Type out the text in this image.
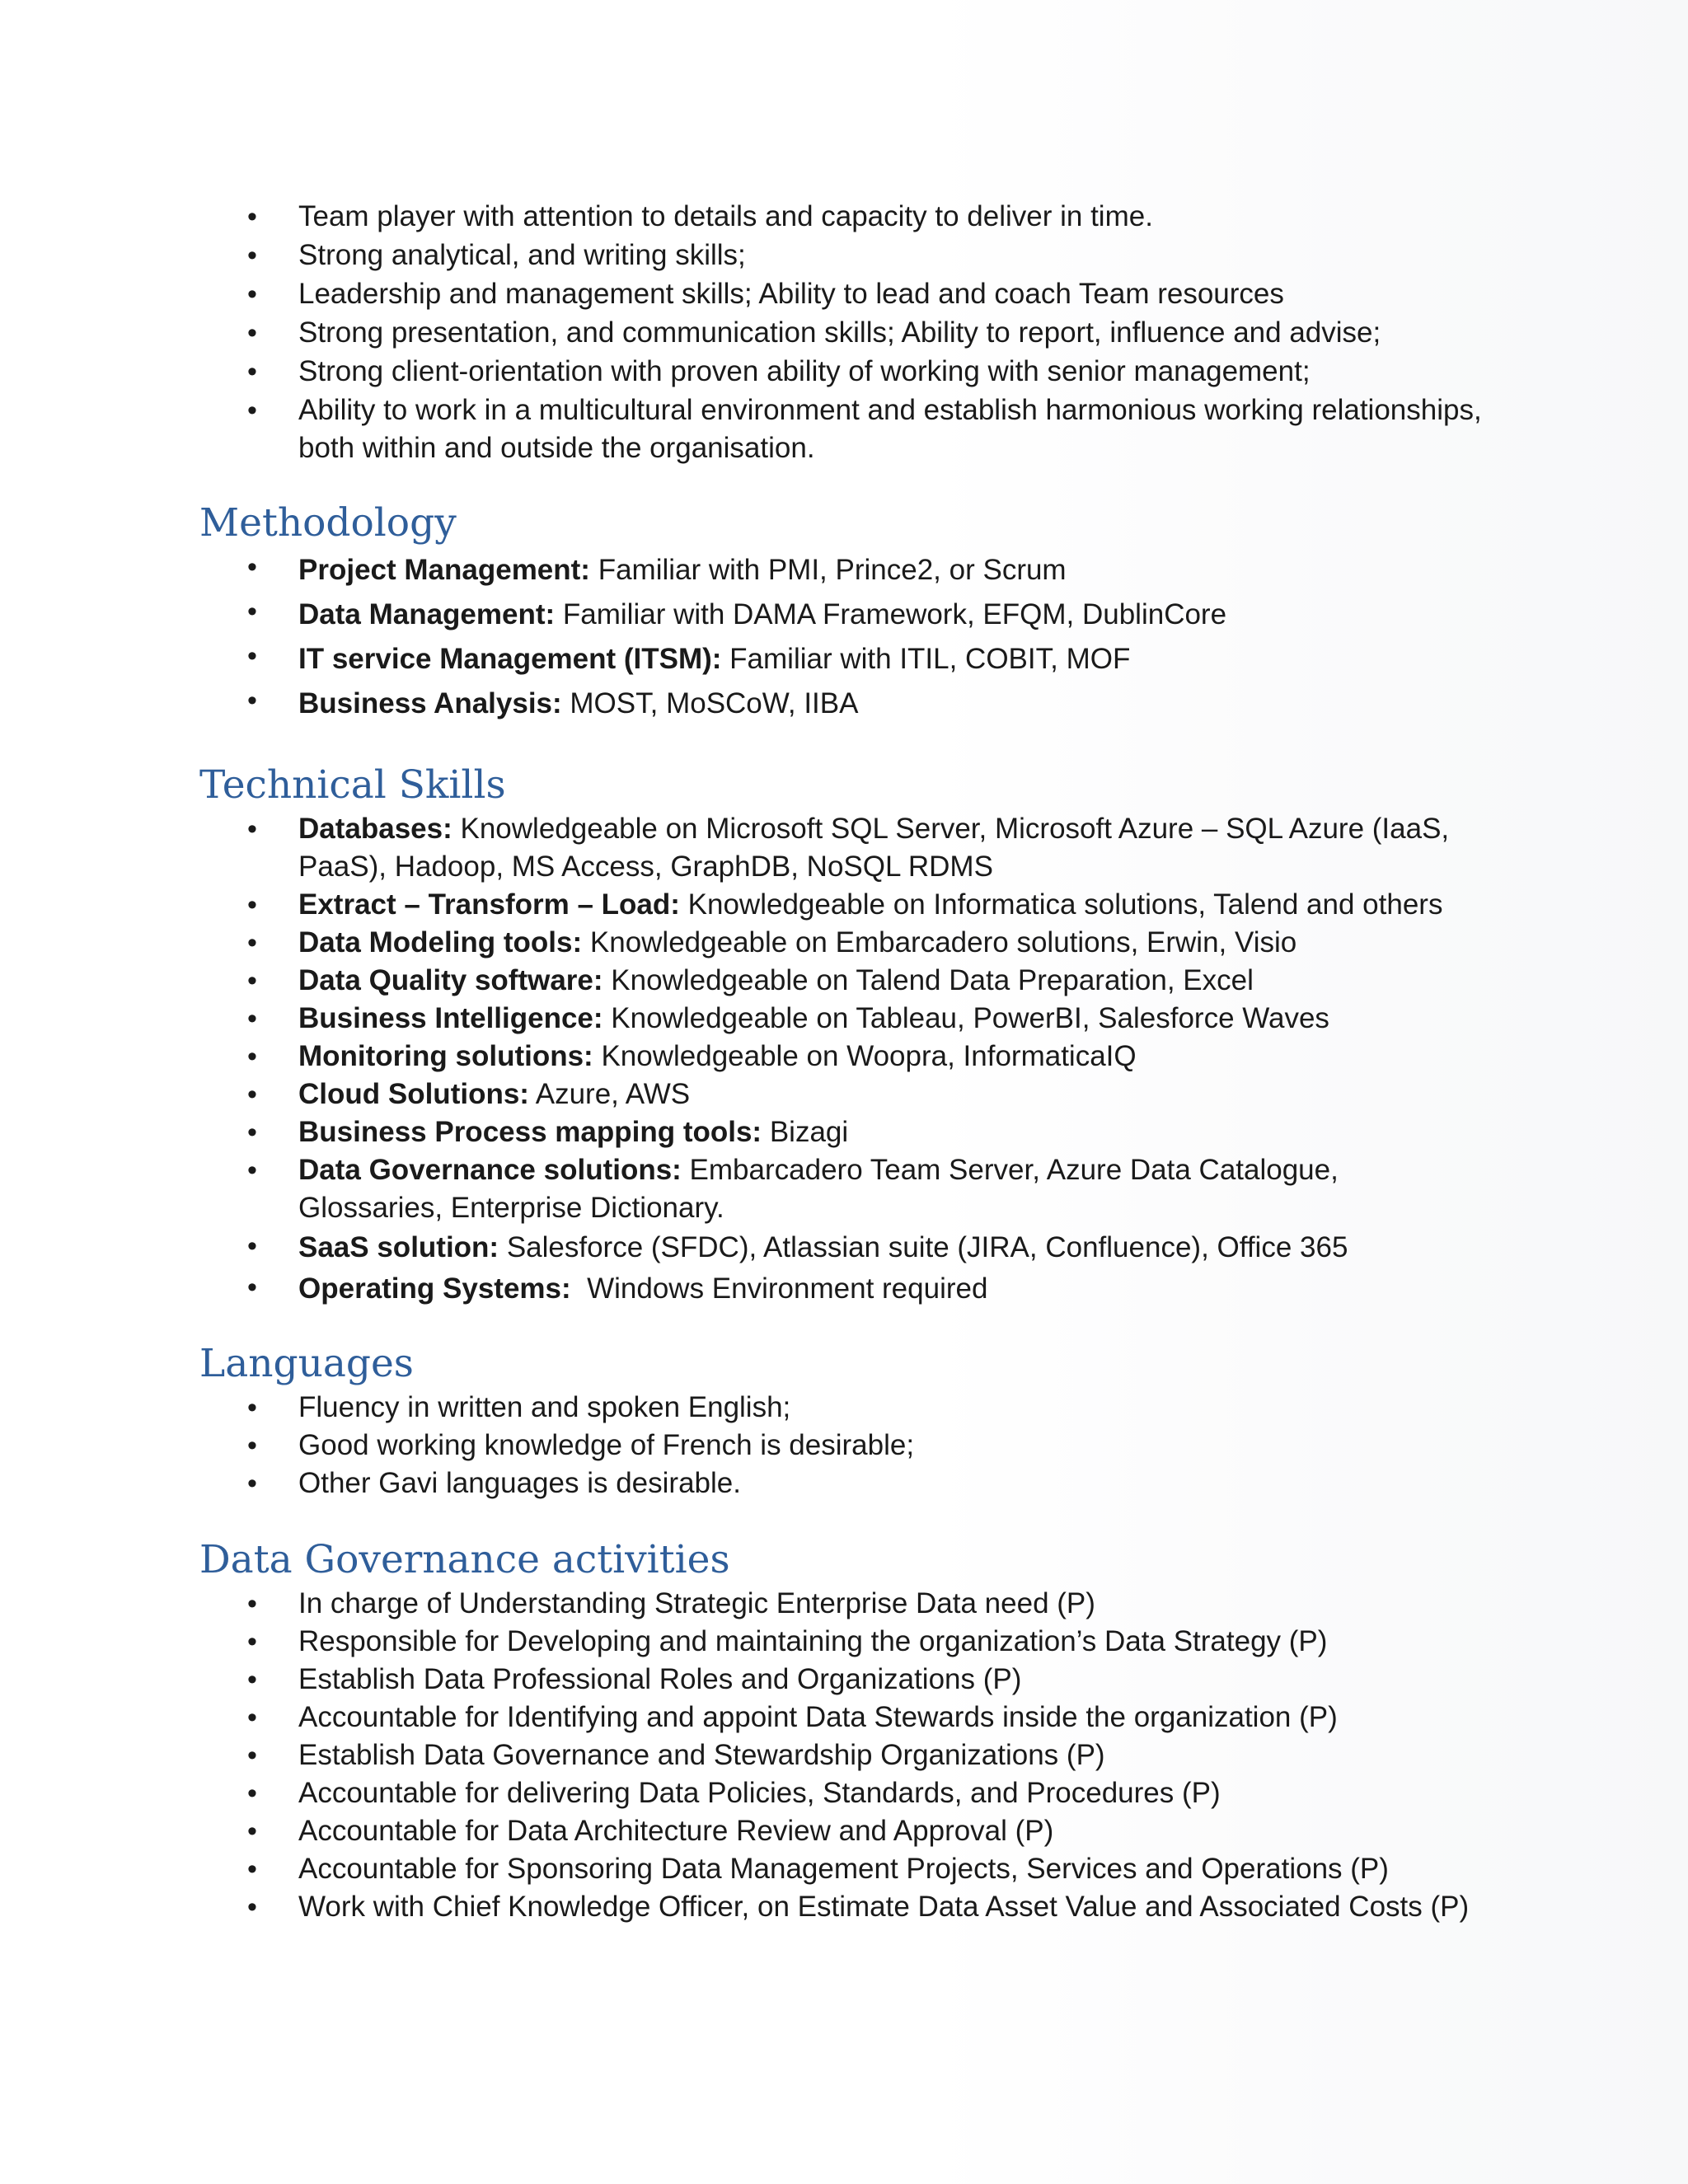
• Team player with attention to details and capacity to deliver in time.
• Strong analytical, and writing skills;
• Leadership and management skills; Ability to lead and coach Team resources
• Strong presentation, and communication skills; Ability to report, influence and advise;
• Strong client-orientation with proven ability of working with senior management;
• Ability to work in a multicultural environment and establish harmonious working relationships, both within and outside the organisation.
Methodology
• Project Management: Familiar with PMI, Prince2, or Scrum
• Data Management: Familiar with DAMA Framework, EFQM, DublinCore
• IT service Management (ITSM): Familiar with ITIL, COBIT, MOF
• Business Analysis: MOST, MoSCoW, IIBA
Technical Skills
• Databases: Knowledgeable on Microsoft SQL Server, Microsoft Azure – SQL Azure (IaaS, PaaS), Hadoop, MS Access, GraphDB, NoSQL RDMS
• Extract – Transform – Load: Knowledgeable on Informatica solutions, Talend and others
• Data Modeling tools: Knowledgeable on Embarcadero solutions, Erwin, Visio
• Data Quality software: Knowledgeable on Talend Data Preparation, Excel
• Business Intelligence: Knowledgeable on Tableau, PowerBI, Salesforce Waves
• Monitoring solutions: Knowledgeable on Woopra, InformaticaIQ
• Cloud Solutions: Azure, AWS
• Business Process mapping tools: Bizagi
• Data Governance solutions: Embarcadero Team Server, Azure Data Catalogue, Glossaries, Enterprise Dictionary.
• SaaS solution: Salesforce (SFDC), Atlassian suite (JIRA, Confluence), Office 365
• Operating Systems:  Windows Environment required
Languages
• Fluency in written and spoken English;
• Good working knowledge of French is desirable;
• Other Gavi languages is desirable.
Data Governance activities
• In charge of Understanding Strategic Enterprise Data need (P)
• Responsible for Developing and maintaining the organization’s Data Strategy (P)
• Establish Data Professional Roles and Organizations (P)
• Accountable for Identifying and appoint Data Stewards inside the organization (P)
• Establish Data Governance and Stewardship Organizations (P)
• Accountable for delivering Data Policies, Standards, and Procedures (P)
• Accountable for Data Architecture Review and Approval (P)
• Accountable for Sponsoring Data Management Projects, Services and Operations (P)
• Work with Chief Knowledge Officer, on Estimate Data Asset Value and Associated Costs (P)
